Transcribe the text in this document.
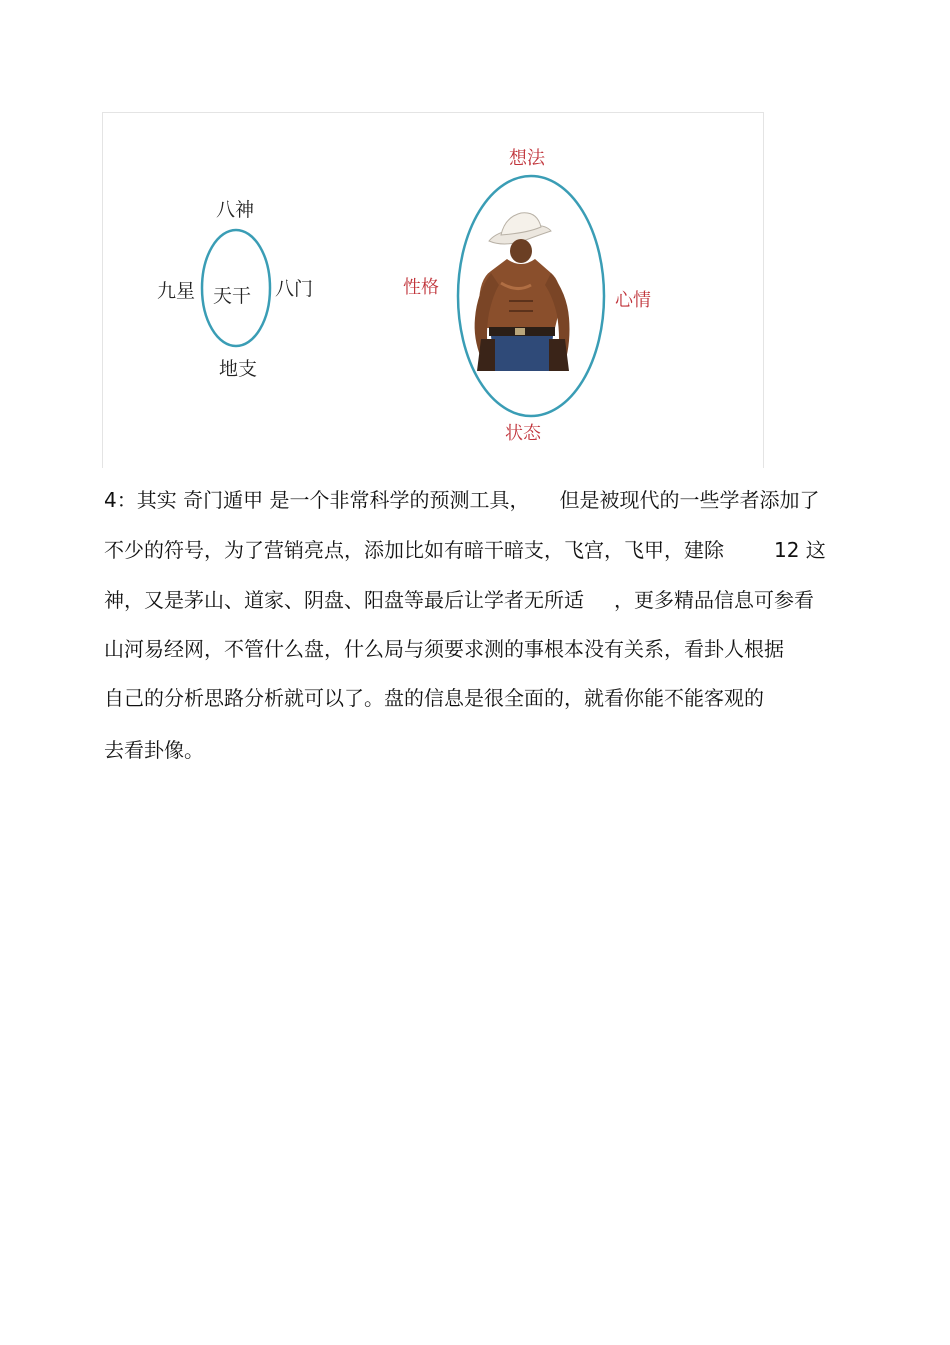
八神
九星 天干 八门
地支
想法
性格
心情
状态
4：其实 奇门遁甲 是一个非常科学的预测工具， 但是被现代的一些学者添加了
不少的符号，为了营销亮点，添加比如有暗干暗支，飞宫，飞甲，建除	12 这
神，又是茅山、道家、阴盘、阳盘等最后让学者无所适 ，更多精品信息可参看
山河易经网，不管什么盘，什么局与须要求测的事根本没有关系，看卦人根据
自己的分析思路分析就可以了。盘的信息是很全面的，就看你能不能客观的
去看卦像。
